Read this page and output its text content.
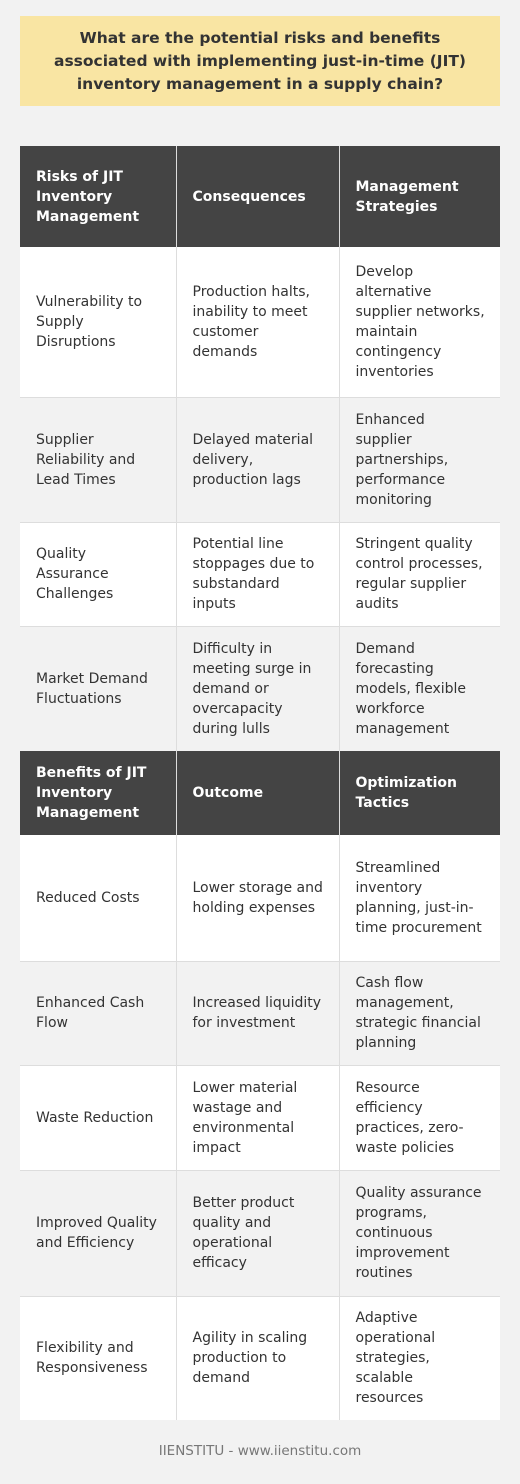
What are the potential risks and benefits associated with implementing just-in-time (JIT) inventory management in a supply chain?
Risks of JIT Inventory Management	Consequences	Management Strategies
Vulnerability to Supply Disruptions	Production halts, inability to meet customer demands	Develop alternative supplier networks, maintain contingency inventories
Supplier Reliability and Lead Times	Delayed material delivery, production lags	Enhanced supplier partnerships, performance monitoring
Quality Assurance Challenges	Potential line stoppages due to substandard inputs	Stringent quality control processes, regular supplier audits
Market Demand Fluctuations	Difficulty in meeting surge in demand or overcapacity during lulls	Demand forecasting models, flexible workforce management
Benefits of JIT Inventory Management	Outcome	Optimization Tactics
Reduced Costs	Lower storage and holding expenses	Streamlined inventory planning, just-in-time procurement
Enhanced Cash Flow	Increased liquidity for investment	Cash flow management, strategic financial planning
Waste Reduction	Lower material wastage and environmental impact	Resource efficiency practices, zero-waste policies
Improved Quality and Efficiency	Better product quality and operational efficacy	Quality assurance programs, continuous improvement routines
Flexibility and Responsiveness	Agility in scaling production to demand	Adaptive operational strategies, scalable resources
IIENSTITU - www.iienstitu.com
